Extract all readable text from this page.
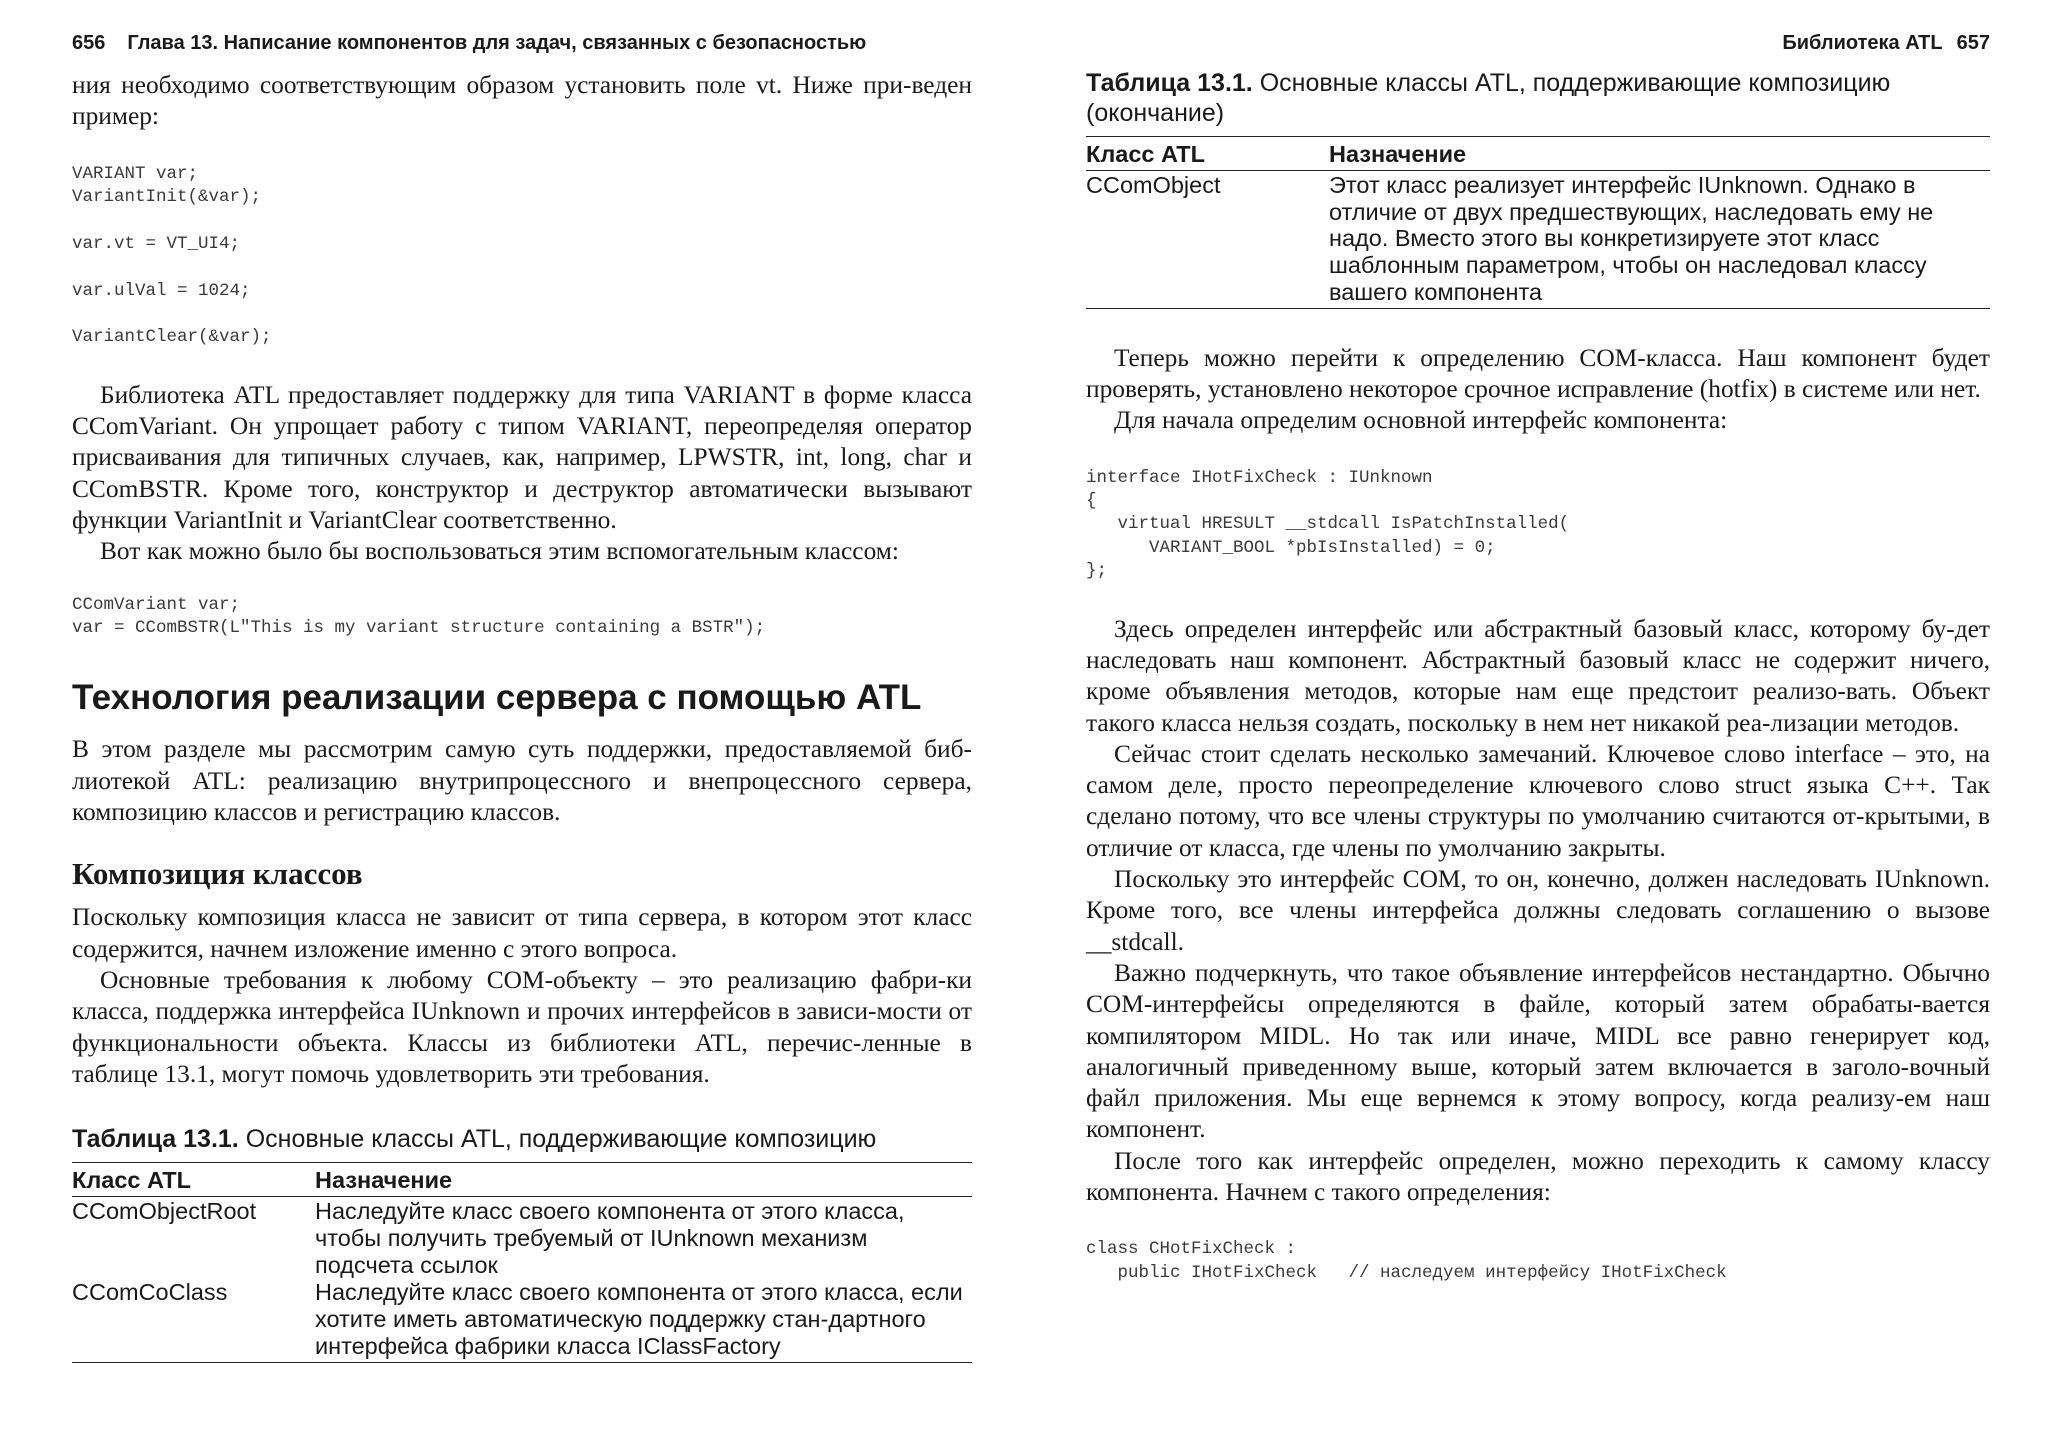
656 Глава 13. Написание компонентов для задач, связанных с безопасностью

ния необходимо соответствующим образом установить поле vt. Ниже при-веден пример:

VARIANT var;
VariantInit(&var);

var.vt = VT_UI4;

var.ulVal = 1024;

VariantClear(&var);

Библиотека ATL предоставляет поддержку для типа VARIANT в форме класса CComVariant. Он упрощает работу с типом VARIANT, переопределяя оператор присваивания для типичных случаев, как, например, LPWSTR, int, long, char и CComBSTR. Кроме того, конструктор и деструктор автоматически вызывают функции VariantInit и VariantClear соответственно.

Вот как можно было бы воспользоваться этим вспомогательным классом:

CComVariant var;
var = CComBSTR(L"This is my variant structure containing a BSTR");
Технология реализации сервера с помощью ATL

В этом разделе мы рассмотрим самую суть поддержки, предоставляемой биб-лиотекой ATL: реализацию внутрипроцессного и внепроцессного сервера, композицию классов и регистрацию классов.

Композиция классов

Поскольку композиция класса не зависит от типа сервера, в котором этот класс содержится, начнем изложение именно с этого вопроса.

Основные требования к любому COM-объекту – это реализацию фабри-ки класса, поддержка интерфейса IUnknown и прочих интерфейсов в зависи-мости от функциональности объекта. Классы из библиотеки ATL, перечис-ленные в таблице 13.1, могут помочь удовлетворить эти требования.

Таблица 13.1. Основные классы ATL, поддерживающие композицию
Класс ATL	Назначение
CComObjectRoot	Наследуйте класс своего компонента от этого класса, чтобы получить требуемый от IUnknown механизм подсчета ссылок
CComCoClass	Наследуйте класс своего компонента от этого класса, если хотите иметь автоматическую поддержку стан-дартного интерфейса фабрики класса IClassFactory
Библиотека ATL 657
Таблица 13.1. Основные классы ATL, поддерживающие композицию (окончание)
Класс ATL	Назначение
CComObject	Этот класс реализует интерфейс IUnknown. Однако в отличие от двух предшествующих, наследовать ему не надо. Вместо этого вы конкретизируете этот класс шаблонным параметром, чтобы он наследовал классу вашего компонента

Теперь можно перейти к определению COM-класса. Наш компонент будет проверять, установлено некоторое срочное исправление (hotfix) в системе или нет.

Для начала определим основной интерфейс компонента:

interface IHotFixCheck : IUnknown
{
virtual HRESULT __stdcall IsPatchInstalled(
VARIANT_BOOL *pbIsInstalled) = 0;
};

Здесь определен интерфейс или абстрактный базовый класс, которому бу-дет наследовать наш компонент. Абстрактный базовый класс не содержит ничего, кроме объявления методов, которые нам еще предстоит реализо-вать. Объект такого класса нельзя создать, поскольку в нем нет никакой реа-лизации методов.

Сейчас стоит сделать несколько замечаний. Ключевое слово interface – это, на самом деле, просто переопределение ключевого слово struct языка C++. Так сделано потому, что все члены структуры по умолчанию считаются от-крытыми, в отличие от класса, где члены по умолчанию закрыты.

Поскольку это интерфейс COM, то он, конечно, должен наследовать IUnknown. Кроме того, все члены интерфейса должны следовать соглашению о вызове __stdcall.

Важно подчеркнуть, что такое объявление интерфейсов нестандартно. Обычно COM-интерфейсы определяются в файле, который затем обрабаты-вается компилятором MIDL. Но так или иначе, MIDL все равно генерирует код, аналогичный приведенному выше, который затем включается в заголо-вочный файл приложения. Мы еще вернемся к этому вопросу, когда реализу-ем наш компонент.

После того как интерфейс определен, можно переходить к самому классу компонента. Начнем с такого определения:

class CHotFixCheck :
public IHotFixCheck   // наследуем интерфейсу IHotFixCheck
